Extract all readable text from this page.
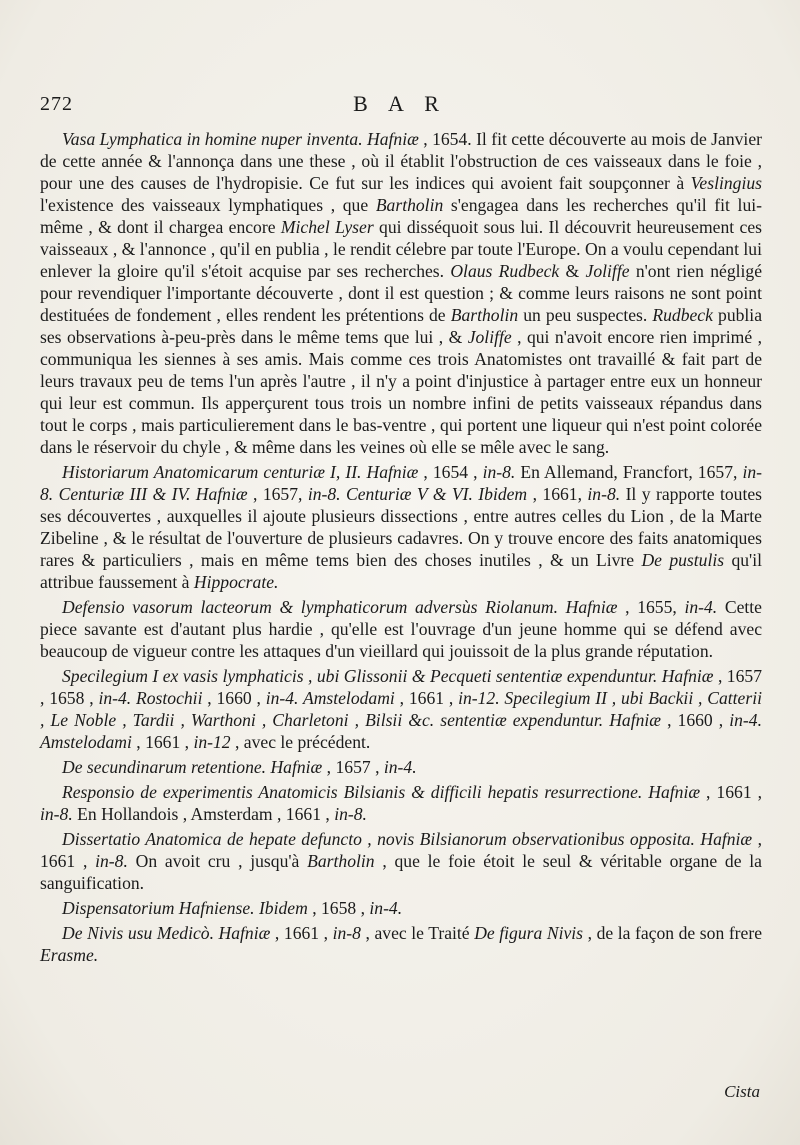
272	B A R

Vasa Lymphatica in homine nuper inventa. Hafniæ , 1654. Il fit cette découverte au mois de Janvier de cette année & l'annonça dans une these , où il établit l'obstruction de ces vaisseaux dans le foie , pour une des causes de l'hydropisie. Ce fut sur les indices qui avoient fait soupçonner à Veslingius l'existence des vaisseaux lymphatiques , que Bartholin s'engagea dans les recherches qu'il fit lui-même , & dont il chargea encore Michel Lyser qui disséquoit sous lui. Il découvrit heureusement ces vaisseaux , & l'annonce , qu'il en publia , le rendit célebre par toute l'Europe. On a voulu cependant lui enlever la gloire qu'il s'étoit acquise par ses recherches. Olaus Rudbeck & Joliffe n'ont rien négligé pour revendiquer l'importante découverte , dont il est question ; & comme leurs raisons ne sont point destituées de fondement , elles rendent les prétentions de Bartholin un peu suspectes. Rudbeck publia ses observations à-peu-près dans le même tems que lui , & Joliffe , qui n'avoit encore rien imprimé , communiqua les siennes à ses amis. Mais comme ces trois Anatomistes ont travaillé & fait part de leurs travaux peu de tems l'un après l'autre , il n'y a point d'injustice à partager entre eux un honneur qui leur est commun. Ils apperçurent tous trois un nombre infini de petits vaisseaux répandus dans tout le corps , mais particulierement dans le bas-ventre , qui portent une liqueur qui n'est point colorée dans le réservoir du chyle , & même dans les veines où elle se mêle avec le sang.

Historiarum Anatomicarum centuriæ I, II. Hafniæ , 1654 , in-8. En Allemand, Francfort, 1657, in-8. Centuriæ III & IV. Hafniæ , 1657, in-8. Centuriæ V & VI. Ibidem , 1661, in-8. Il y rapporte toutes ses découvertes , auxquelles il ajoute plusieurs dissections , entre autres celles du Lion , de la Marte Zibeline , & le résultat de l'ouverture de plusieurs cadavres. On y trouve encore des faits anatomiques rares & particuliers , mais en même tems bien des choses inutiles , & un Livre De pustulis qu'il attribue faussement à Hippocrate.

Defensio vasorum lacteorum & lymphaticorum adversùs Riolanum. Hafniæ , 1655, in-4. Cette piece savante est d'autant plus hardie , qu'elle est l'ouvrage d'un jeune homme qui se défend avec beaucoup de vigueur contre les attaques d'un vieillard qui jouissoit de la plus grande réputation.

Specilegium I ex vasis lymphaticis , ubi Glissonii & Pecqueti sententiæ expenduntur. Hafniæ , 1657 , 1658 , in-4. Rostochii , 1660 , in-4. Amstelodami , 1661 , in-12. Specilegium II , ubi Backii , Catterii , Le Noble , Tardii , Warthoni , Charletoni , Bilsii &c. sententiæ expenduntur. Hafniæ , 1660 , in-4. Amstelodami , 1661 , in-12 , avec le précédent.

De secundinarum retentione. Hafniæ , 1657 , in-4.

Responsio de experimentis Anatomicis Bilsianis & difficili hepatis resurrectione. Hafniæ , 1661 , in-8. En Hollandois , Amsterdam , 1661 , in-8.

Dissertatio Anatomica de hepate defuncto , novis Bilsianorum observationibus opposita. Hafniæ , 1661 , in-8. On avoit cru , jusqu'à Bartholin , que le foie étoit le seul & véritable organe de la sanguification.

Dispensatorium Hafniense. Ibidem , 1658 , in-4.

De Nivis usu Medicò. Hafniæ , 1661 , in-8 , avec le Traité De figura Nivis , de la façon de son frere Erasme.

Cista
